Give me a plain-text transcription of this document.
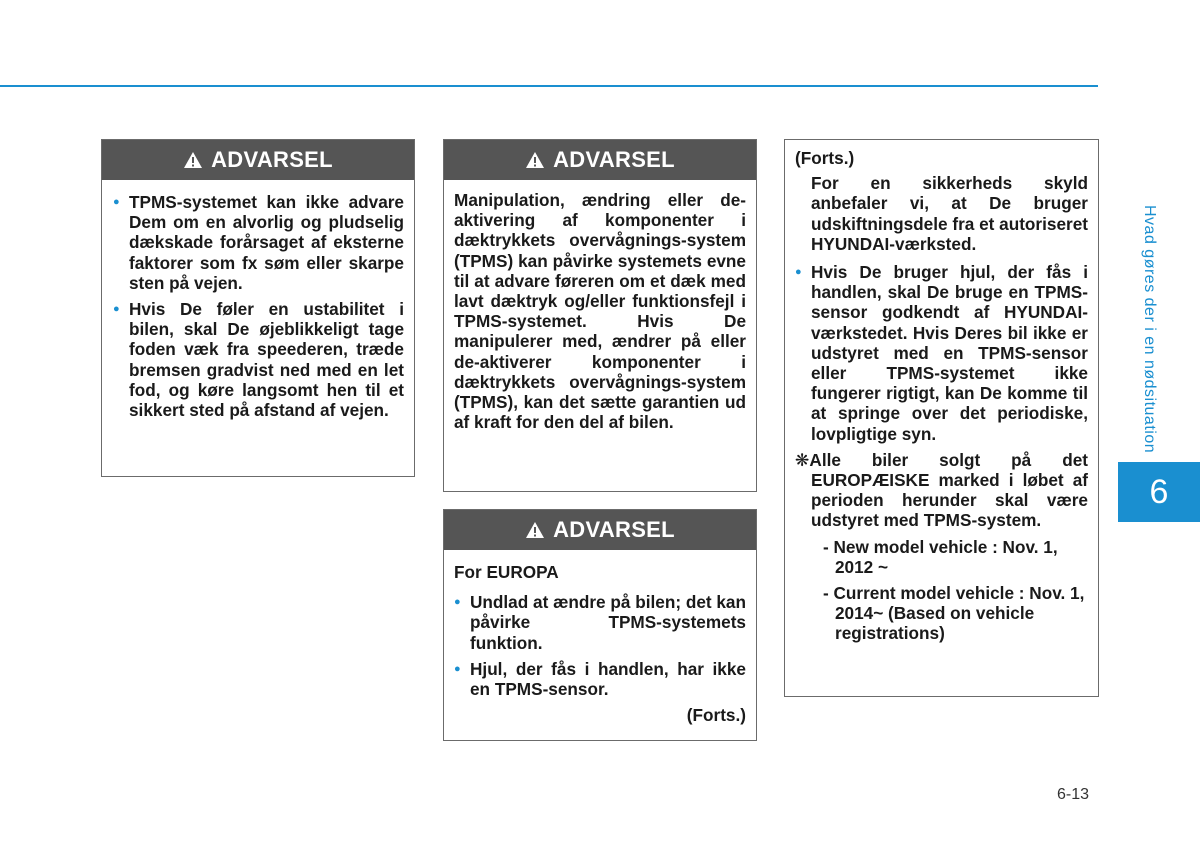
ADVARSEL
● TPMS-systemet kan ikke advare Dem om en alvorlig og pludselig dækskade forårsaget af eksterne faktorer som fx søm eller skarpe sten på vejen.
● Hvis De føler en ustabilitet i bilen, skal De øjeblikkeligt tage foden væk fra speederen, træde bremsen gradvist ned med en let fod, og køre langsomt hen til et sikkert sted på afstand af vejen.
ADVARSEL
Manipulation, ændring eller de-aktivering af komponenter i dæktrykkets overvågnings-system (TPMS) kan påvirke systemets evne til at advare føreren om et dæk med lavt dæktryk og/eller funktionsfejl i TPMS-systemet. Hvis De manipulerer med, ændrer på eller de-aktiverer komponenter i dæktrykkets overvågnings-system (TPMS), kan det sætte garantien ud af kraft for den del af bilen.
ADVARSEL
For EUROPA
● Undlad at ændre på bilen; det kan påvirke TPMS-systemets funktion.
● Hjul, der fås i handlen, har ikke en TPMS-sensor.
(Forts.)
(Forts.)
For en sikkerheds skyld anbefaler vi, at De bruger udskiftningsdele fra et autoriseret HYUNDAI-værksted.
● Hvis De bruger hjul, der fås i handlen, skal De bruge en TPMS-sensor godkendt af HYUNDAI-værkstedet. Hvis Deres bil ikke er udstyret med en TPMS-sensor eller TPMS-systemet ikke fungerer rigtigt, kan De komme til at springe over det periodiske, lovpligtige syn.
❋Alle biler solgt på det EUROPÆISKE marked i løbet af perioden herunder skal være udstyret med TPMS-system.
- New model vehicle : Nov. 1, 2012 ~
- Current model vehicle : Nov. 1, 2014~ (Based on vehicle registrations)
Hvad gøres der i en nødsituation
6
6-13
